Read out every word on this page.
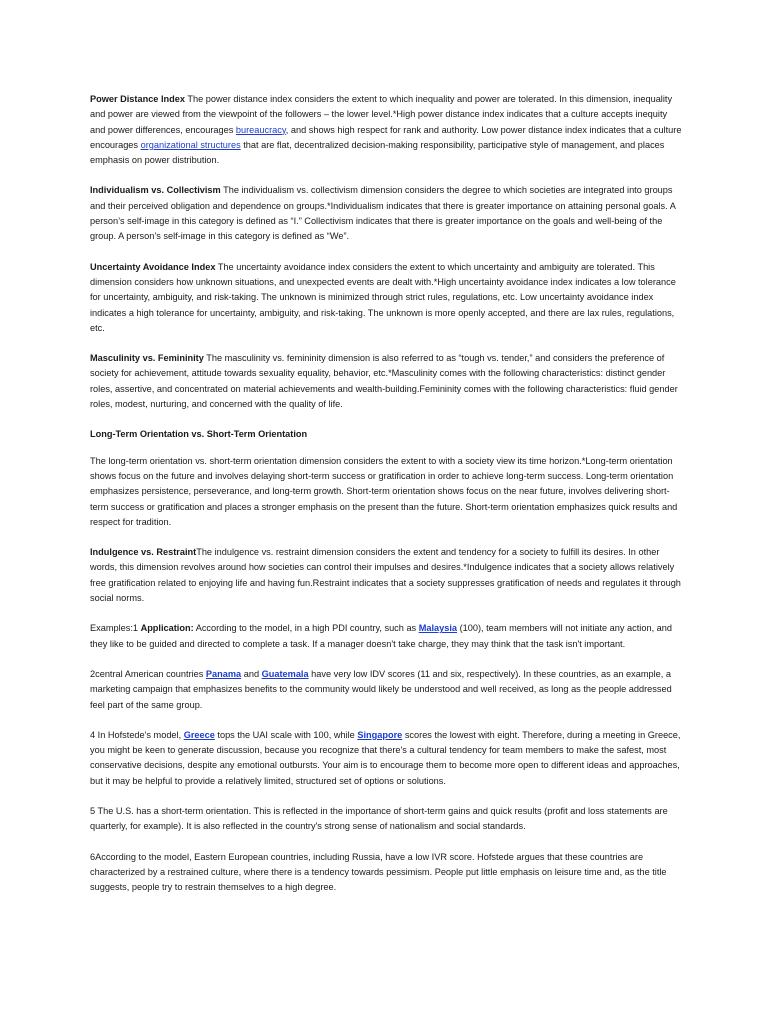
Power Distance Index The power distance index considers the extent to which inequality and power are tolerated. In this dimension, inequality and power are viewed from the viewpoint of the followers – the lower level.*High power distance index indicates that a culture accepts inequity and power differences, encourages bureaucracy, and shows high respect for rank and authority. Low power distance index indicates that a culture encourages organizational structures that are flat, decentralized decision-making responsibility, participative style of management, and places emphasis on power distribution.

Individualism vs. Collectivism The individualism vs. collectivism dimension considers the degree to which societies are integrated into groups and their perceived obligation and dependence on groups.*Individualism indicates that there is greater importance on attaining personal goals. A person’s self-image in this category is defined as “I.” Collectivism indicates that there is greater importance on the goals and well-being of the group. A person’s self-image in this category is defined as “We”.

Uncertainty Avoidance Index The uncertainty avoidance index considers the extent to which uncertainty and ambiguity are tolerated. This dimension considers how unknown situations, and unexpected events are dealt with.*High uncertainty avoidance index indicates a low tolerance for uncertainty, ambiguity, and risk-taking. The unknown is minimized through strict rules, regulations, etc. Low uncertainty avoidance index indicates a high tolerance for uncertainty, ambiguity, and risk-taking. The unknown is more openly accepted, and there are lax rules, regulations, etc.

Masculinity vs. Femininity The masculinity vs. femininity dimension is also referred to as “tough vs. tender,” and considers the preference of society for achievement, attitude towards sexuality equality, behavior, etc.*Masculinity comes with the following characteristics: distinct gender roles, assertive, and concentrated on material achievements and wealth-building.Femininity comes with the following characteristics: fluid gender roles, modest, nurturing, and concerned with the quality of life.

Long-Term Orientation vs. Short-Term Orientation

The long-term orientation vs. short-term orientation dimension considers the extent to with a society view its time horizon.*Long-term orientation shows focus on the future and involves delaying short-term success or gratification in order to achieve long-term success. Long-term orientation emphasizes persistence, perseverance, and long-term growth. Short-term orientation shows focus on the near future, involves delivering short-term success or gratification and places a stronger emphasis on the present than the future. Short-term orientation emphasizes quick results and respect for tradition.

Indulgence vs. RestraintThe indulgence vs. restraint dimension considers the extent and tendency for a society to fulfill its desires. In other words, this dimension revolves around how societies can control their impulses and desires.*Indulgence indicates that a society allows relatively free gratification related to enjoying life and having fun.Restraint indicates that a society suppresses gratification of needs and regulates it through social norms.

Examples:1 Application: According to the model, in a high PDI country, such as Malaysia (100), team members will not initiate any action, and they like to be guided and directed to complete a task. If a manager doesn't take charge, they may think that the task isn't important.

2central American countries Panama and Guatemala have very low IDV scores (11 and six, respectively). In these countries, as an example, a marketing campaign that emphasizes benefits to the community would likely be understood and well received, as long as the people addressed feel part of the same group.

4 In Hofstede's model, Greece tops the UAI scale with 100, while Singapore scores the lowest with eight. Therefore, during a meeting in Greece, you might be keen to generate discussion, because you recognize that there's a cultural tendency for team members to make the safest, most conservative decisions, despite any emotional outbursts. Your aim is to encourage them to become more open to different ideas and approaches, but it may be helpful to provide a relatively limited, structured set of options or solutions.

5 The U.S. has a short-term orientation. This is reflected in the importance of short-term gains and quick results (profit and loss statements are quarterly, for example). It is also reflected in the country's strong sense of nationalism and social standards.

6According to the model, Eastern European countries, including Russia, have a low IVR score. Hofstede argues that these countries are characterized by a restrained culture, where there is a tendency towards pessimism. People put little emphasis on leisure time and, as the title suggests, people try to restrain themselves to a high degree.
